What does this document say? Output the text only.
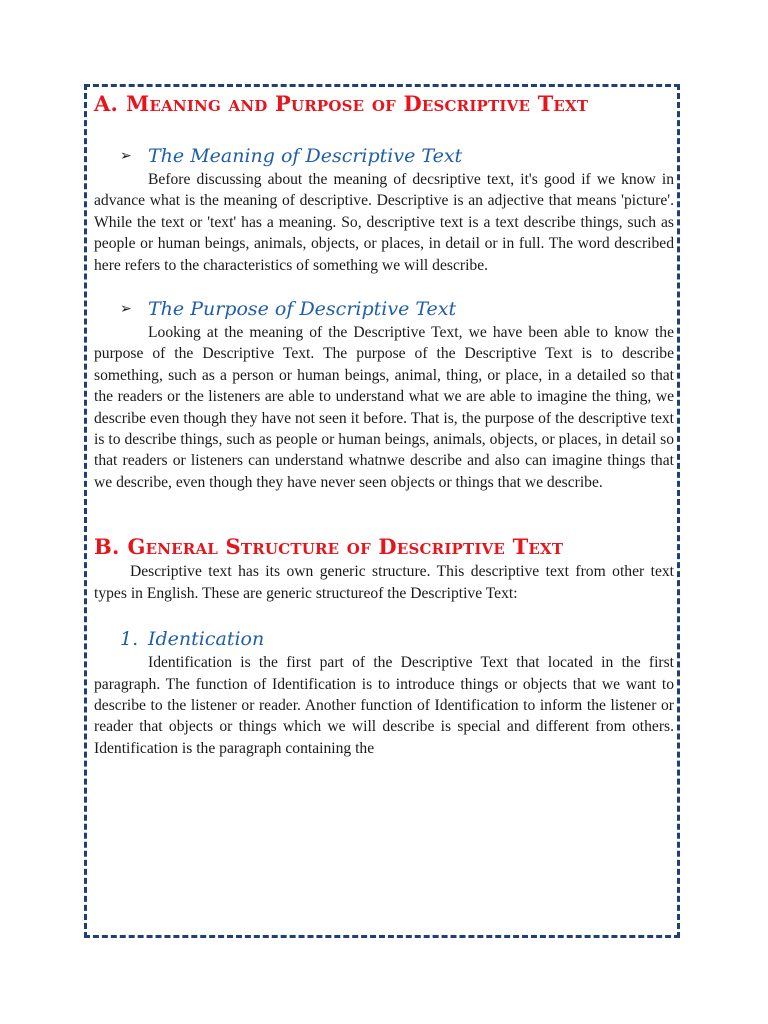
A. Meaning and Purpose of Descriptive Text
➢ The Meaning of Descriptive Text

Before discussing about the meaning of decsriptive text, it's good if we know in advance what is the meaning of descriptive. Descriptive is an adjective that means 'picture'. While the text or 'text' has a meaning. So, descriptive text is a text describe things, such as people or human beings, animals, objects, or places, in detail or in full. The word described here refers to the characteristics of something we will describe.

➢ The Purpose of Descriptive Text

Looking at the meaning of the Descriptive Text, we have been able to know the purpose of the Descriptive Text. The purpose of the Descriptive Text is to describe something, such as a person or human beings, animal, thing, or place, in a detailed so that the readers or the listeners are able to understand what we are able to imagine the thing, we describe even though they have not seen it before. That is, the purpose of the descriptive text is to describe things, such as people or human beings, animals, objects, or places, in detail so that readers or listeners can understand whatnwe describe and also can imagine things that we describe, even though they have never seen objects or things that we describe.

B. General Structure of Descriptive Text

Descriptive text has its own generic structure. This descriptive text from other text types in English. These are generic structureof the Descriptive Text:

1. Identication

Identification is the first part of the Descriptive Text that located in the first paragraph. The function of Identification is to introduce things or objects that we want to describe to the listener or reader. Another function of Identification to inform the listener or reader that objects or things which we will describe is special and different from others. Identification is the paragraph containing the
